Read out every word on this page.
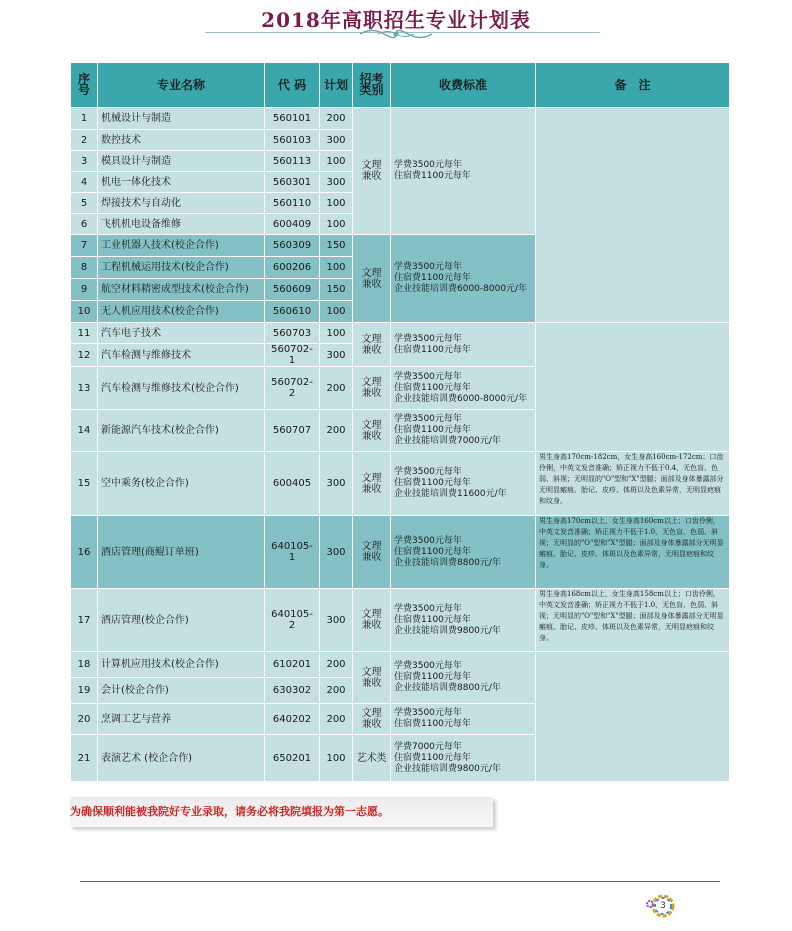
2018年高职招生专业计划表
序
号	专业名称	代 码	计划	招考
类别	收费标准	备　注
1	机械设计与制造	560101	200	文理
兼收	学费3500元每年
住宿费1100元每年	
2	数控技术	560103	300			
3	模具设计与制造	560113	100			
4	机电一体化技术	560301	300			
5	焊接技术与自动化	560110	100			
6	飞机机电设备维修	600409	100			
7	工业机器人技术(校企合作)	560309	150	文理
兼收	学费3500元每年
住宿费1100元每年
企业技能培训费6000-8000元/年	
8	工程机械运用技术(校企合作)	600206	100			
9	航空材料精密成型技术(校企合作)	560609	150			
10	无人机应用技术(校企合作)	560610	100			
11	汽车电子技术	560703	100	文理
兼收	学费3500元每年
住宿费1100元每年	
12	汽车检测与维修技术	560702-1	300			
13	汽车检测与维修技术(校企合作)	560702-2	200	文理
兼收	学费3500元每年
住宿费1100元每年
企业技能培训费6000-8000元/年	
14	新能源汽车技术(校企合作)	560707	200	文理
兼收	学费3500元每年
住宿费1100元每年
企业技能培训费7000元/年	
15	空中乘务(校企合作)	600405	300	文理
兼收	学费3500元每年
住宿费1100元每年
企业技能培训费11600元/年	男生身高170cm-182cm，女生身高160cm-172cm；口齿伶俐，中英文发音准确；矫正视力不低于0.4，无色盲、色弱、斜视；无明显的"O"型和"X"型腿；面部及身体暴露部分无明显瘢痕、胎记、皮疹、体斑以及色素异常，无明显疤痕和纹身。
16	酒店管理(商鲲订单班)	640105-1	300	文理
兼收	学费3500元每年
住宿费1100元每年
企业技能培训费8800元/年	男生身高170cm以上，女生身高160cm以上；口齿伶俐，中英文发音准确；矫正视力不低于1.0，无色盲、色弱、斜视；无明显的"O"型和"X"型腿；面部及身体暴露部分无明显瘢痕、胎记、皮疹、体斑以及色素异常，无明显疤痕和纹身。
17	酒店管理(校企合作)	640105-2	300	文理
兼收	学费3500元每年
住宿费1100元每年
企业技能培训费9800元/年	男生身高168cm以上，女生身高158cm以上；口齿伶俐，中英文发音准确；矫正视力不低于1.0，无色盲、色弱、斜视；无明显的"O"型和"X"型腿；面部及身体暴露部分无明显瘢痕、胎记、皮疹、体斑以及色素异常，无明显疤痕和纹身。
18	计算机应用技术(校企合作)	610201	200	文理
兼收	学费3500元每年
住宿费1100元每年
企业技能培训费8800元/年	
19	会计(校企合作)	630302	200			
20	烹调工艺与营养	640202	200	文理
兼收	学费3500元每年
住宿费1100元每年	
21	表演艺术 (校企合作)	650201	100	艺术类	学费7000元每年
住宿费1100元每年
企业技能培训费9800元/年	
为确保顺利能被我院好专业录取，请务必将我院填报为第一志愿。
3
